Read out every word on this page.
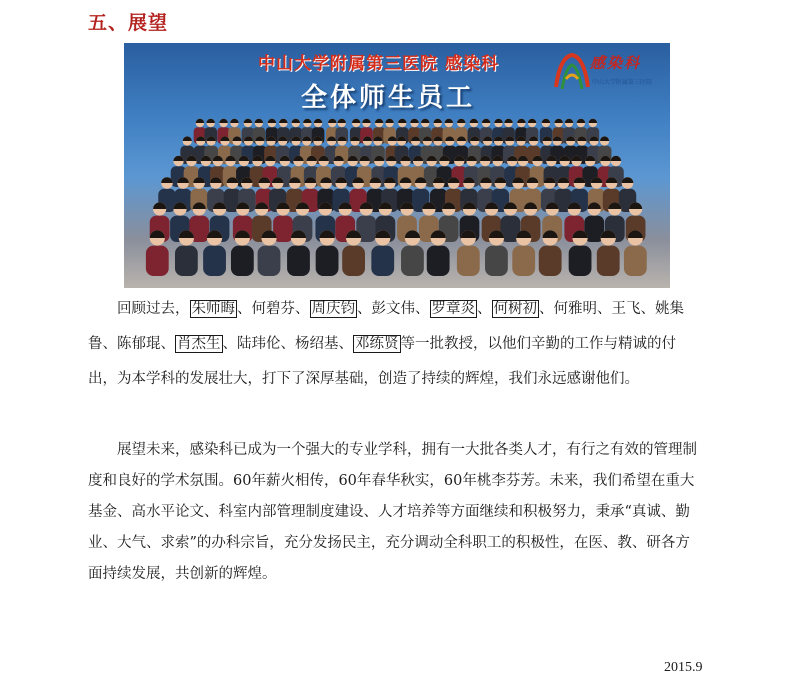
五、展望
中山大学附属第三医院 感染科
全体师生员工
感染科
中山大学附属第三医院

回顾过去， 朱师晦 、何碧芬、 周庆钧 、彭文伟、 罗章炎 、 何树初 、何雅明、王飞、姚集鲁、陈郁琨、 肖杰生 、陆玮伦、杨绍基、 邓练贤 等一批教授，以他们辛勤的工作与精诚的付出，为本学科的发展壮大，打下了深厚基础，创造了持续的辉煌，我们永远感谢他们。

展望未来，感染科已成为一个强大的专业学科，拥有一大批各类人才，有行之有效的管理制度和良好的学术氛围。60年薪火相传，60年春华秋实，60年桃李芬芳。未来，我们希望在重大基金、高水平论文、科室内部管理制度建设、人才培养等方面继续和积极努力，秉承“真诚、勤业、大气、求索”的办科宗旨，充分发扬民主，充分调动全科职工的积极性，在医、教、研各方面持续发展，共创新的辉煌。

2015.9
